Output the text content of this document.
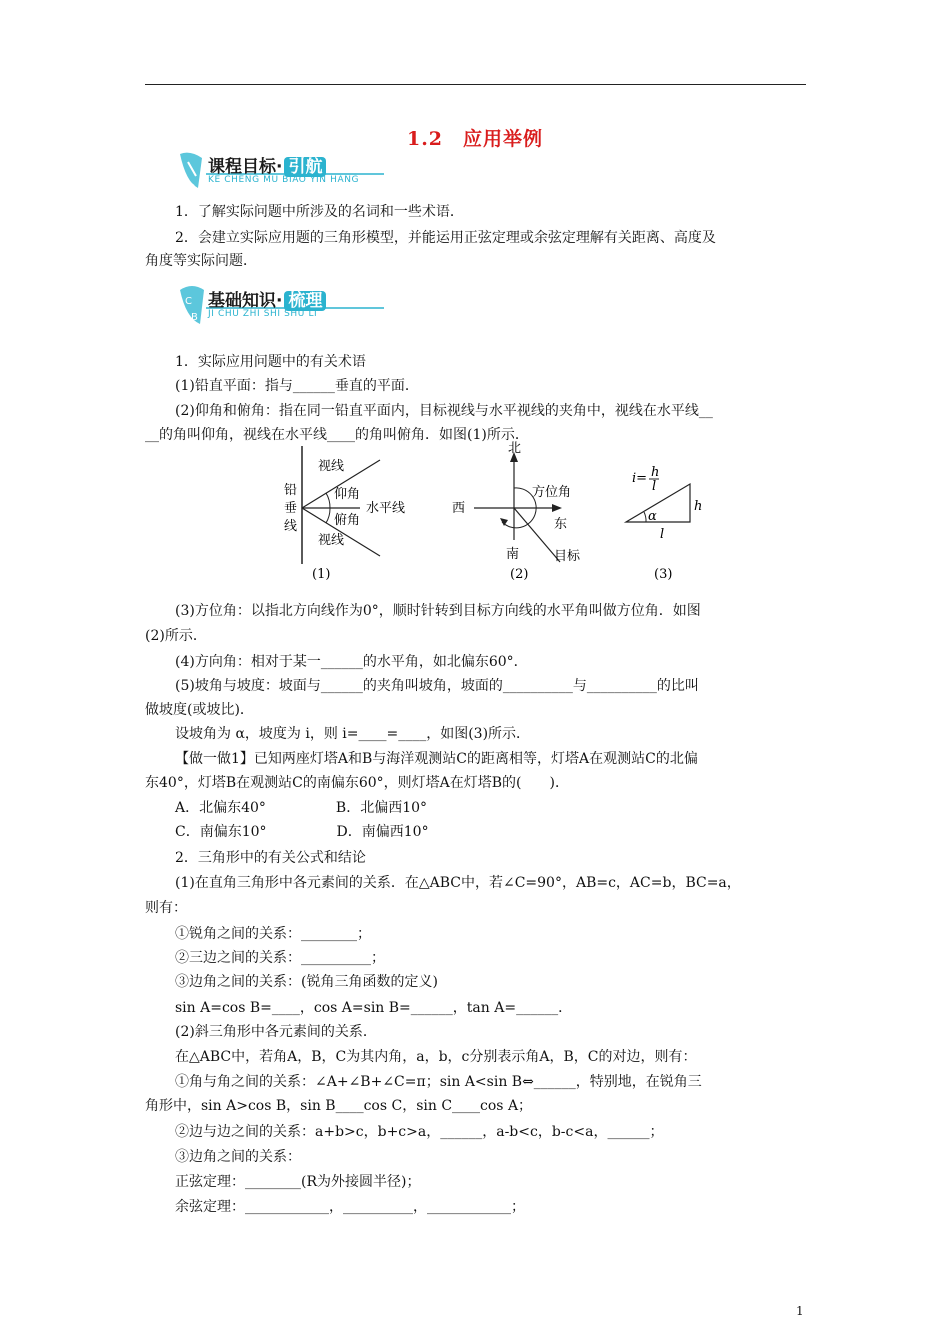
1.2　应用举例
课程目标· 引航
KE CHENG MU BIAO YIN HANG
C
A B
基础知识· 梳理
JI CHU ZHI SHI SHU LI
1．了解实际问题中所涉及的名词和一些术语．
2．会建立实际应用题的三角形模型，并能运用正弦定理或余弦定理解有关距离、高度及
角度等实际问题．
1．实际应用问题中的有关术语
(1)铅直平面：指与______垂直的平面．
(2)仰角和俯角：指在同一铅直平面内，目标视线与水平视线的夹角中，视线在水平线__
__的角叫仰角，视线在水平线____的角叫俯角．如图(1)所示．
铅
垂
线
视线
仰角
水平线
俯角
视线
(1)
北
西
东
南
方位角
目标
(2)
i= h
l
h
α
l
(3)
(3)方位角：以指北方向线作为0°，顺时针转到目标方向线的水平角叫做方位角．如图
(2)所示．
(4)方向角：相对于某一______的水平角，如北偏东60°．
(5)坡角与坡度：坡面与______的夹角叫坡角，坡面的__________与__________的比叫
做坡度(或坡比)．
设坡角为 α，坡度为 i，则 i=____=____，如图(3)所示．
【做一做1】已知两座灯塔A和B与海洋观测站C的距离相等，灯塔A在观测站C的北偏
东40°，灯塔B在观测站C的南偏东60°，则灯塔A在灯塔B的(　　)．
A．北偏东40°　　　　　B．北偏西10°
C．南偏东10°　　　　　D．南偏西10°
2．三角形中的有关公式和结论
(1)在直角三角形中各元素间的关系．在△ABC中，若∠C=90°，AB=c，AC=b，BC=a，
则有：
①锐角之间的关系：________；
②三边之间的关系：__________；
③边角之间的关系：(锐角三角函数的定义)
sin A=cos B=____，cos A=sin B=______，tan A=______．
(2)斜三角形中各元素间的关系．
在△ABC中，若角A，B，C为其内角，a，b，c分别表示角A，B，C的对边，则有：
①角与角之间的关系：∠A+∠B+∠C=π；sin A<sin B⇔______，特别地，在锐角三
角形中，sin A>cos B，sin B____cos C，sin C____cos A；
②边与边之间的关系：a+b>c，b+c>a，______，a-b<c，b-c<a，______；
③边角之间的关系：
正弦定理：________(R为外接圆半径)；
余弦定理：____________，__________，____________；
1
